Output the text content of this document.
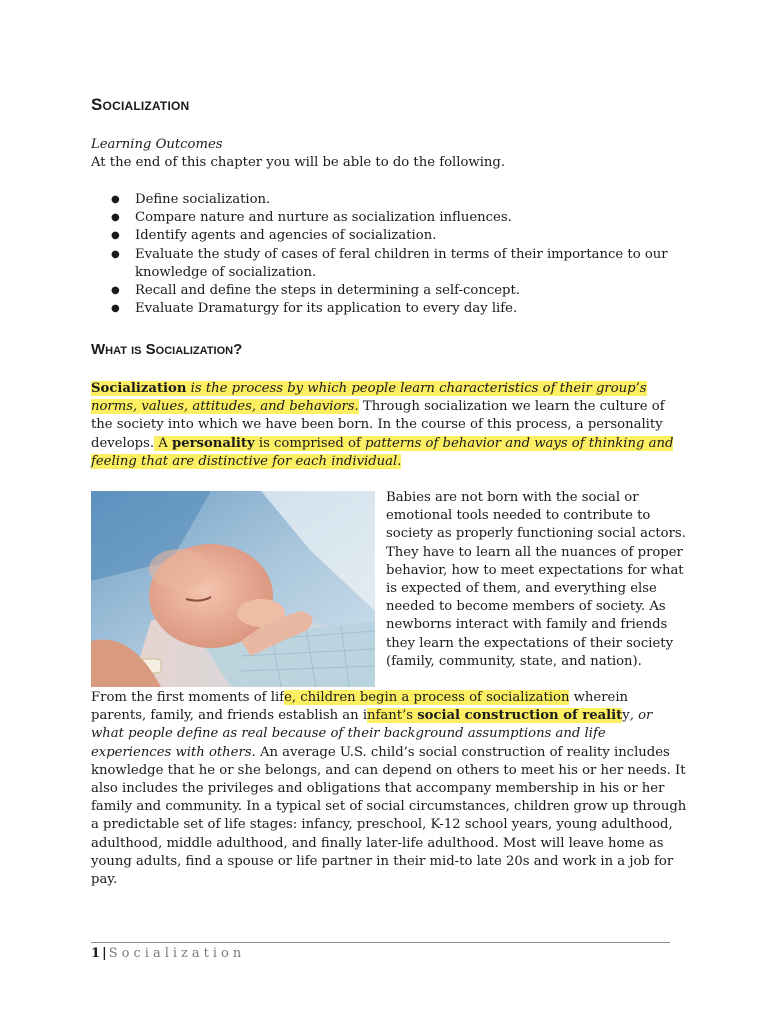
Socialization
Learning Outcomes
At the end of this chapter you will be able to do the following.
● Define socialization.
● Compare nature and nurture as socialization influences.
● Identify agents and agencies of socialization.
● Evaluate the study of cases of feral children in terms of their importance to our knowledge of socialization.
● Recall and define the steps in determining a self-concept.
● Evaluate Dramaturgy for its application to every day life.
What is Socialization?

Socialization is the process by which people learn characteristics of their group’s norms, values, attitudes, and behaviors. Through socialization we learn the culture of the society into which we have been born. In the course of this process, a personality develops. A personality is comprised of patterns of behavior and ways of thinking and feeling that are distinctive for each individual.

Babies are not born with the social or emotional tools needed to contribute to society as properly functioning social actors. They have to learn all the nuances of proper behavior, how to meet expectations for what is expected of them, and everything else needed to become members of society. As newborns interact with family and friends they learn the expectations of their society (family, community, state, and nation).

From the first moments of life, children begin a process of socialization wherein parents, family, and friends establish an infant’s social construction of reality, or what people define as real because of their background assumptions and life experiences with others. An average U.S. child’s social construction of reality includes knowledge that he or she belongs, and can depend on others to meet his or her needs. It also includes the privileges and obligations that accompany membership in his or her family and community. In a typical set of social circumstances, children grow up through a predictable set of life stages: infancy, preschool, K-12 school years, young adulthood, adulthood, middle adulthood, and finally later-life adulthood. Most will leave home as young adults, find a spouse or life partner in their mid-to late 20s and work in a job for pay.

1 | Socialization
